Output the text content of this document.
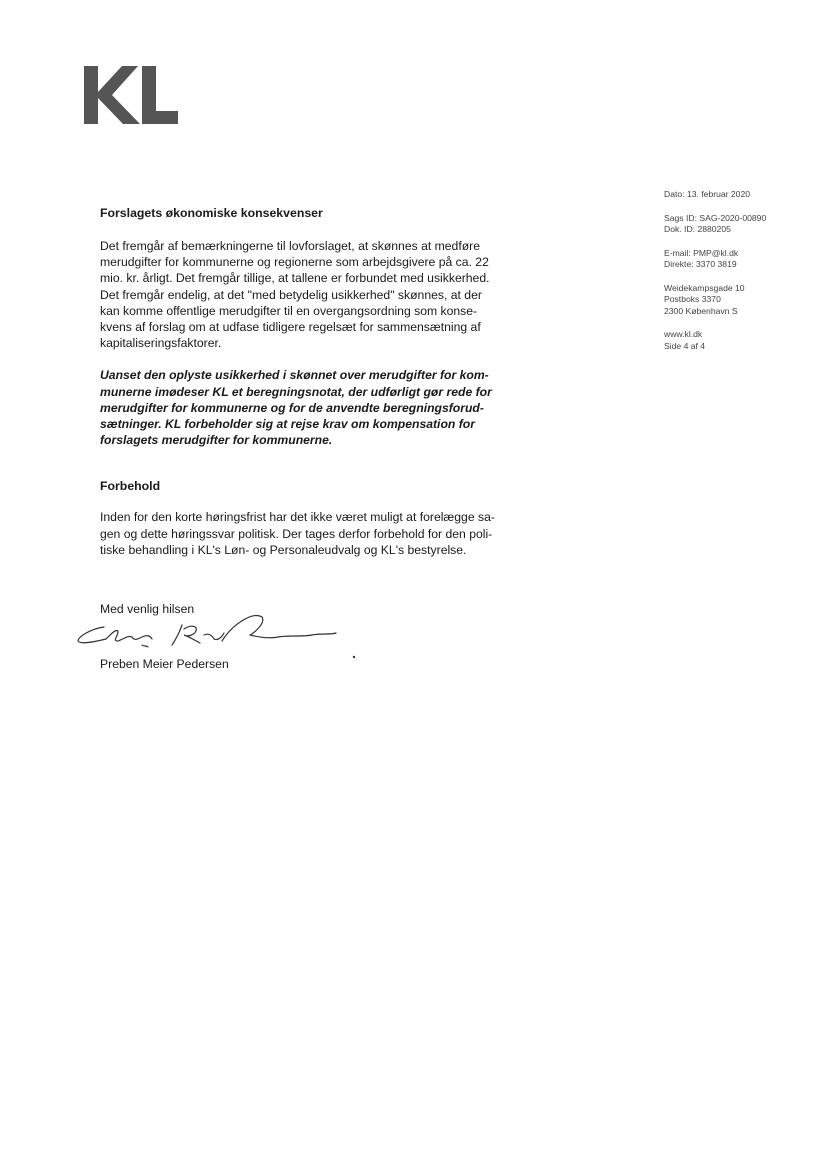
Dato: 13. februar 2020
Sags ID: SAG-2020-00890
Dok. ID: 2880205
E-mail: PMP@kl.dk
Direkte: 3370 3819
Weidekampsgade 10
Postboks 3370
2300 København S
www.kl.dk
Side 4 af 4
Forslagets økonomiske konsekvenser

Det fremgår af bemærkningerne til lovforslaget, at skønnes at medføre
merudgifter for kommunerne og regionerne som arbejdsgivere på ca. 22
mio. kr. årligt. Det fremgår tillige, at tallene er forbundet med usikkerhed.
Det fremgår endelig, at det "med betydelig usikkerhed" skønnes, at der
kan komme offentlige merudgifter til en overgangsordning som konse-
kvens af forslag om at udfase tidligere regelsæt for sammensætning af
kapitaliseringsfaktorer.

Uanset den oplyste usikkerhed i skønnet over merudgifter for kom-
munerne imødeser KL et beregningsnotat, der udførligt gør rede for
merudgifter for kommunerne og for de anvendte beregningsforud-
sætninger. KL forbeholder sig at rejse krav om kompensation for
forslagets merudgifter for kommunerne.

Forbehold

Inden for den korte høringsfrist har det ikke været muligt at forelægge sa-
gen og dette høringssvar politisk. Der tages derfor forbehold for den poli-
tiske behandling i KL's Løn- og Personaleudvalg og KL's bestyrelse.

Med venlig hilsen
Preben Meier Pedersen
